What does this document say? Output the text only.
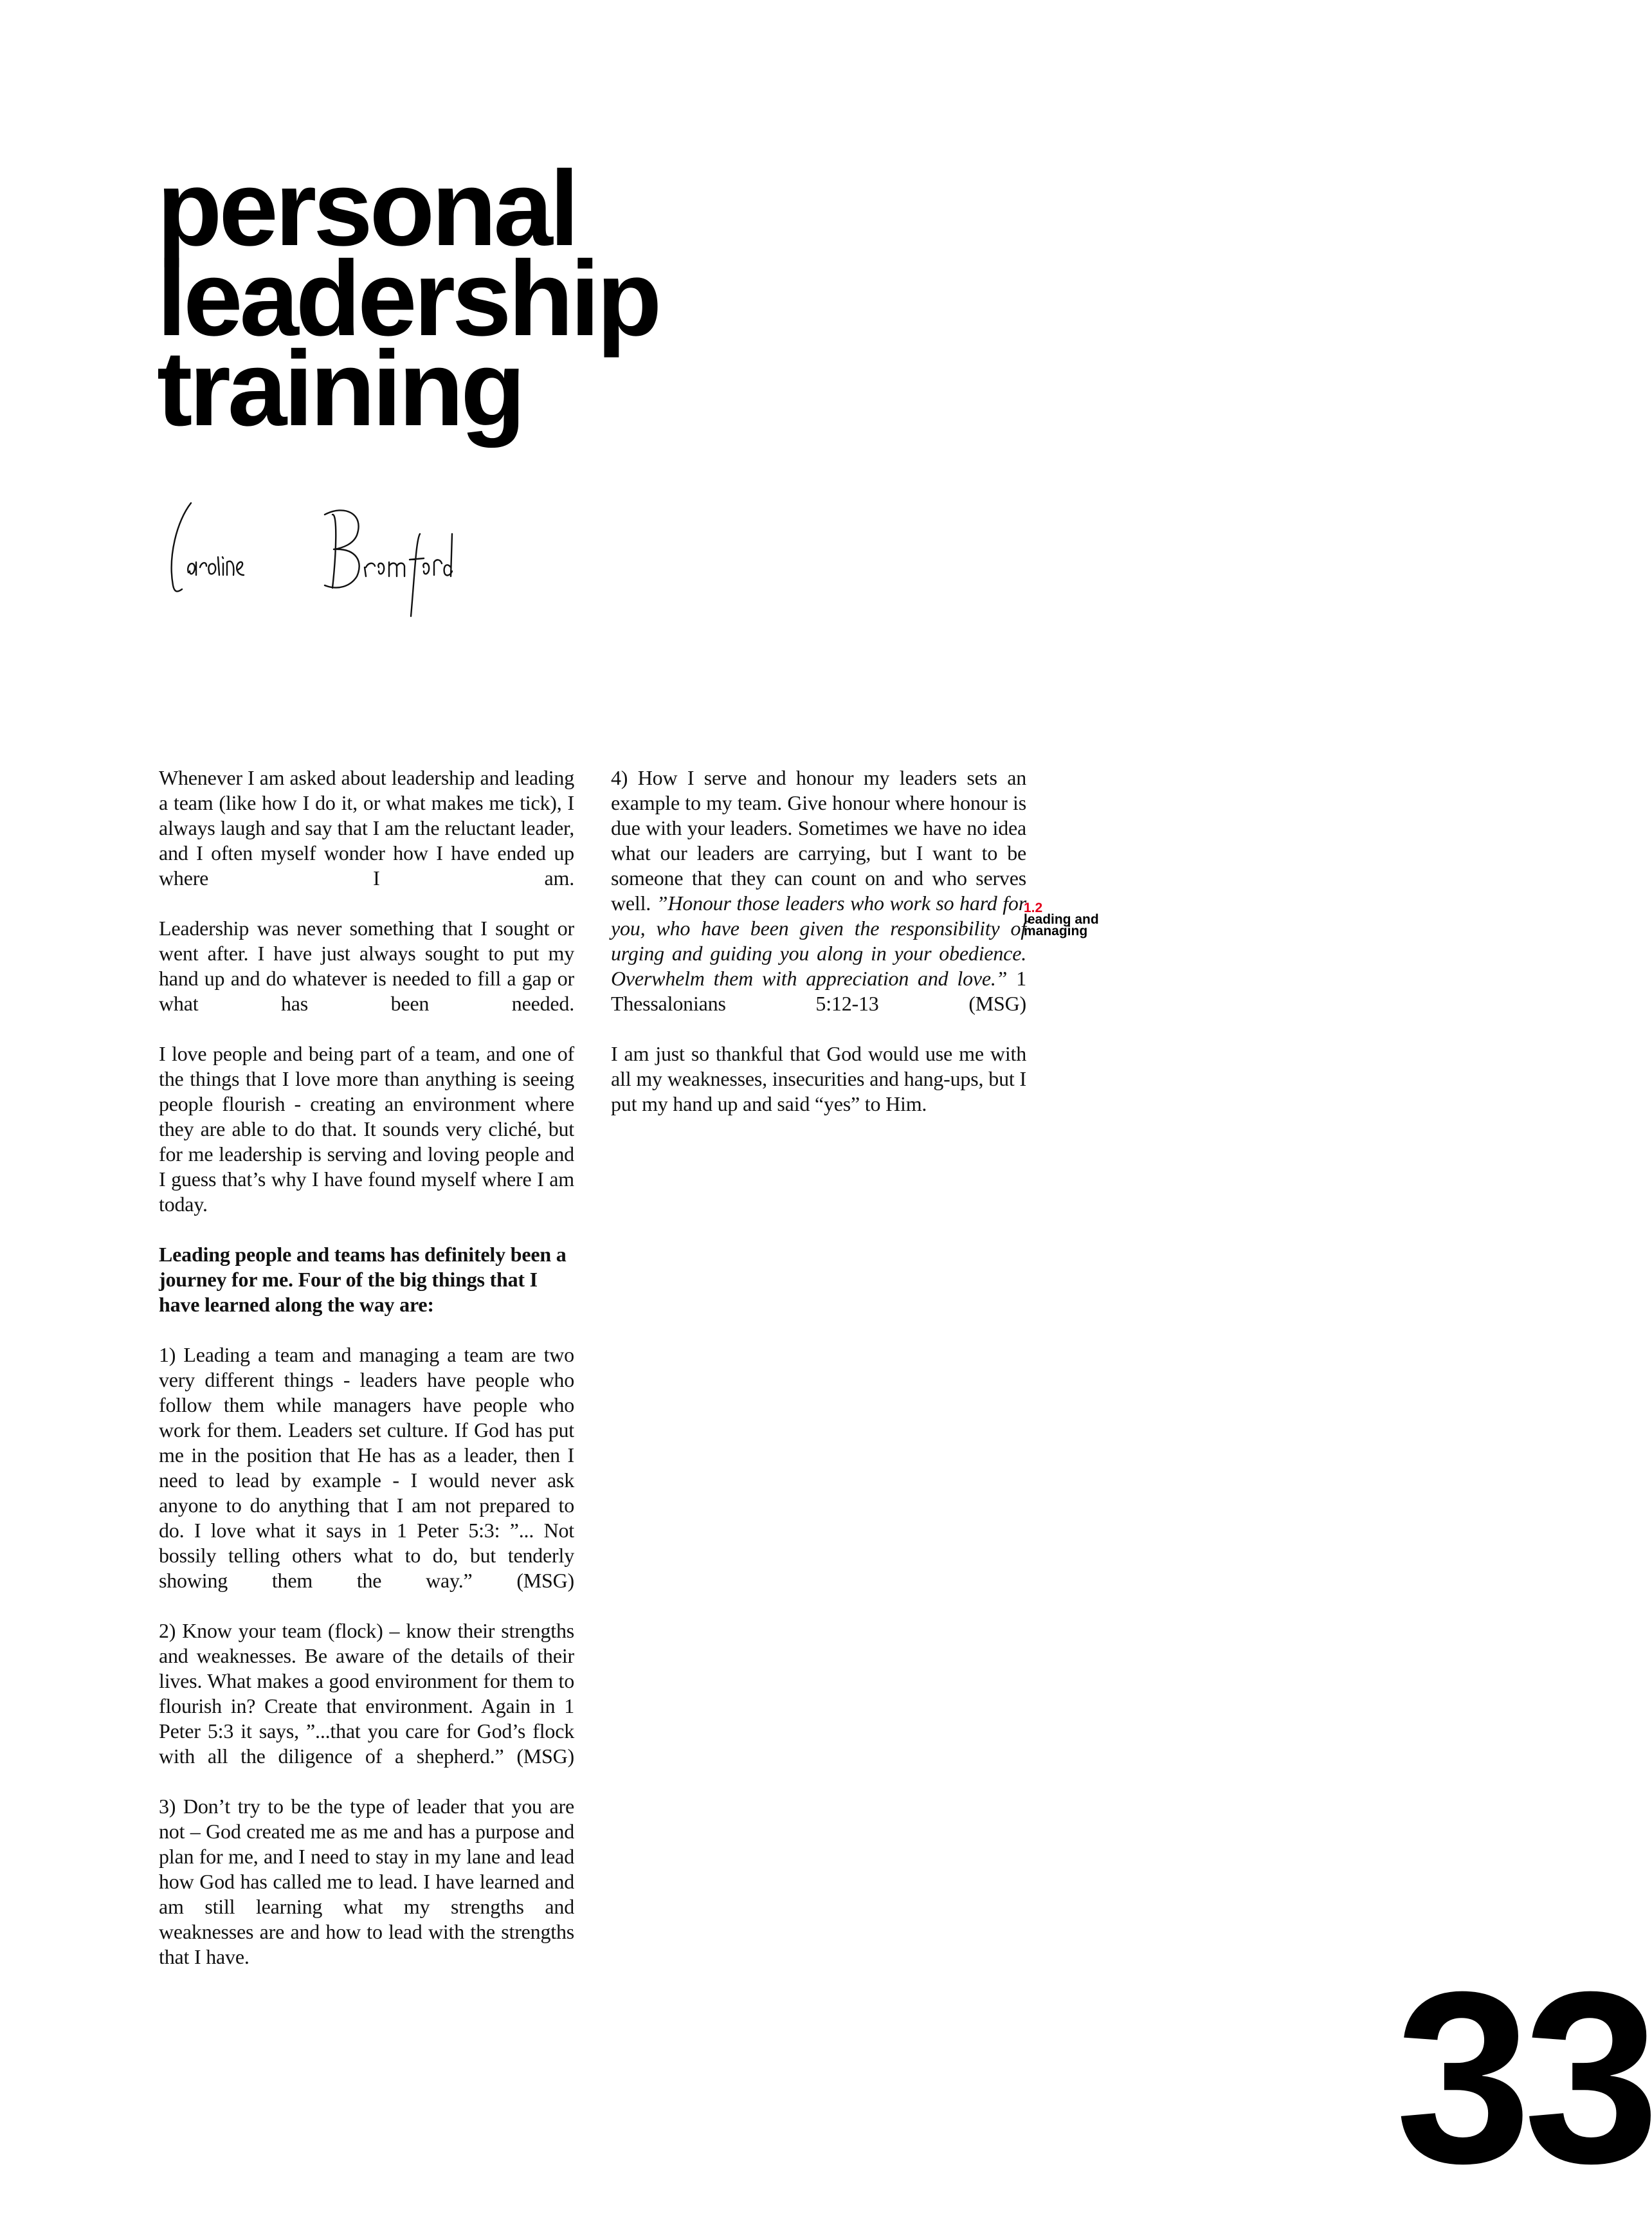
personal
leadership
training

Whenever I am asked about leadership and leading a team (like how I do it, or what makes me tick), I always laugh and say that I am the reluctant leader, and I often myself wonder how I have ended up where I am.

Leadership was never something that I sought or went after. I have just always sought to put my hand up and do whatever is needed to fill a gap or what has been needed.

I love people and being part of a team, and one of the things that I love more than anything is seeing people flourish - creating an environment where they are able to do that. It sounds very cliché, but for me leadership is serving and loving people and I guess that’s why I have found myself where I am today.

Leading people and teams has definitely been a journey for me. Four of the big things that I have learned along the way are:

1) Leading a team and managing a team are two very different things - leaders have people who follow them while managers have people who work for them. Leaders set culture. If God has put me in the position that He has as a leader, then I need to lead by example - I would never ask anyone to do anything that I am not prepared to do. I love what it says in 1 Peter 5:3: ”... Not bossily telling others what to do, but tenderly showing them the way.” (MSG)

2) Know your team (flock) – know their strengths and weaknesses. Be aware of the details of their lives. What makes a good environment for them to flourish in? Create that environment. Again in 1 Peter 5:3 it says, ”...that you care for God’s flock with all the diligence of a shepherd.” (MSG)

3) Don’t try to be the type of leader that you are not – God created me as me and has a purpose and plan for me, and I need to stay in my lane and lead how God has called me to lead. I have learned and am still learning what my strengths and weaknesses are and how to lead with the strengths that I have.

4) How I serve and honour my leaders sets an example to my team. Give honour where honour is due with your leaders. Sometimes we have no idea what our leaders are carrying, but I want to be someone that they can count on and who serves well. ”Honour those leaders who work so hard for you, who have been given the responsibility of urging and guiding you along in your obedience. Overwhelm them with appreciation and love.” 1 Thessalonians 5:12-13 (MSG)

I am just so thankful that God would use me with all my weaknesses, insecurities and hang-ups, but I put my hand up and said “yes” to Him.

1.2
leading and managing
33
